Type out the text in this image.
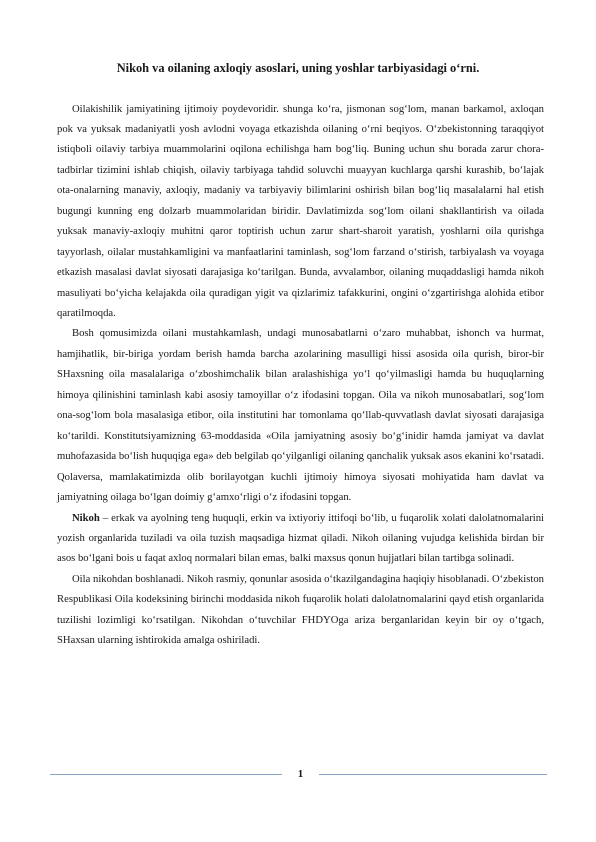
Nikoh va oilaning axloqiy asoslari, uning yoshlar tarbiyasidagi o‘rni.

Oilakishilik jamiyatining ijtimoiy poydevoridir. shunga ko‘ra, jismonan sog‘lom, manan barkamol, axloqan pok va yuksak madaniyatli yosh avlodni voyaga etkazishda oilaning o‘rni beqiyos. O‘zbekistonning taraqqiyot istiqboli oilaviy tarbiya muammolarini oqilona echilishga ham bog‘liq. Buning uchun shu borada zarur chora-tadbirlar tizimini ishlab chiqish, oilaviy tarbiyaga tahdid soluvchi muayyan kuchlarga qarshi kurashib, bo‘lajak ota-onalarning manaviy, axloqiy, madaniy va tarbiyaviy bilimlarini oshirish bilan bog‘liq masalalarni hal etish bugungi kunning eng dolzarb muammolaridan biridir. Davlatimizda sog‘lom oilani shakllantirish va oilada yuksak manaviy-axloqiy muhitni qaror toptirish uchun zarur shart-sharoit yaratish, yoshlarni oila qurishga tayyorlash, oilalar mustahkamligini va manfaatlarini taminlash, sog‘lom farzand o‘stirish, tarbiyalash va voyaga etkazish masalasi davlat siyosati darajasiga ko‘tarilgan. Bunda, avvalambor, oilaning muqaddasligi hamda nikoh masuliyati bo‘yicha kelajakda oila quradigan yigit va qizlarimiz tafakkurini, ongini o‘zgartirishga alohida etibor qaratilmoqda.

Bosh qomusimizda oilani mustahkamlash, undagi munosabatlarni o‘zaro muhabbat, ishonch va hurmat, hamjihatlik, bir-biriga yordam berish hamda barcha azolarining masulligi hissi asosida oila qurish, biror-bir SHaxsning oila masalalariga o‘zboshimchalik bilan aralashishiga yo‘l qo‘yilmasligi hamda bu huquqlarning himoya qilinishini taminlash kabi asosiy tamoyillar o‘z ifodasini topgan. Oila va nikoh munosabatlari, sog‘lom ona-sog‘lom bola masalasiga etibor, oila institutini har tomonlama qo‘llab-quvvatlash davlat siyosati darajasiga ko‘tarildi. Konstitutsiyamizning 63-moddasida «Oila jamiyatning asosiy bo‘g‘inidir hamda jamiyat va davlat muhofazasida bo‘lish huquqiga ega» deb belgilab qo‘yilganligi oilaning qanchalik yuksak asos ekanini ko‘rsatadi. Qolaversa, mamlakatimizda olib borilayotgan kuchli ijtimoiy himoya siyosati mohiyatida ham davlat va jamiyatning oilaga bo‘lgan doimiy g‘amxo‘rligi o‘z ifodasini topgan.

Nikoh – erkak va ayolning teng huquqli, erkin va ixtiyoriy ittifoqi bo‘lib, u fuqarolik xolati dalolatnomalarini yozish organlarida tuziladi va oila tuzish maqsadiga hizmat qiladi. Nikoh oilaning vujudga kelishida birdan bir asos bo‘lgani bois u faqat axloq normalari bilan emas, balki maxsus qonun hujjatlari bilan tartibga solinadi.

Oila nikohdan boshlanadi. Nikoh rasmiy, qonunlar asosida o‘tkazilgandagina haqiqiy hisoblanadi. O‘zbekiston Respublikasi Oila kodeksining birinchi moddasida nikoh fuqarolik holati dalolatnomalarini qayd etish organlarida tuzilishi lozimligi ko‘rsatilgan. Nikohdan o‘tuvchilar FHDYOga ariza berganlaridan keyin bir oy o‘tgach, SHaxsan ularning ishtirokida amalga oshiriladi.

1
